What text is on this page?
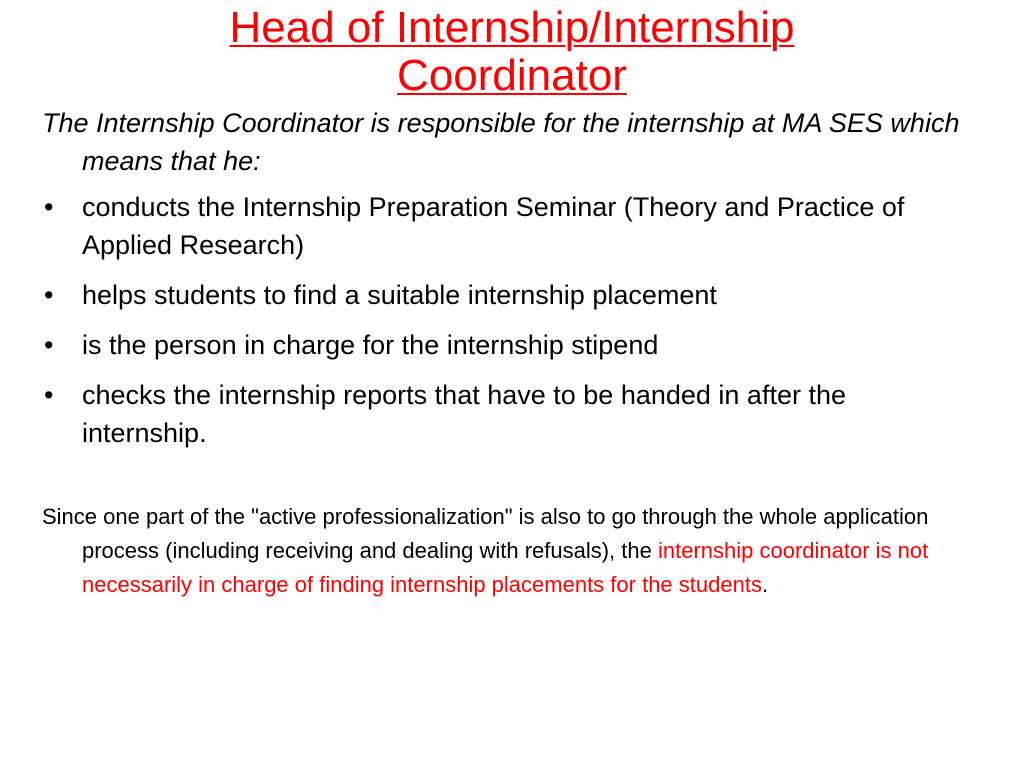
Head of Internship/Internship Coordinator

The Internship Coordinator is responsible for the internship at MA SES which means that he:

• conducts the Internship Preparation Seminar (Theory and Practice of Applied Research)
• helps students to find a suitable internship placement
• is the person in charge for the internship stipend
• checks the internship reports that have to be handed in after the internship.

Since one part of the "active professionalization" is also to go through the whole application process (including receiving and dealing with refusals), the internship coordinator is not necessarily in charge of finding internship placements for the students.
